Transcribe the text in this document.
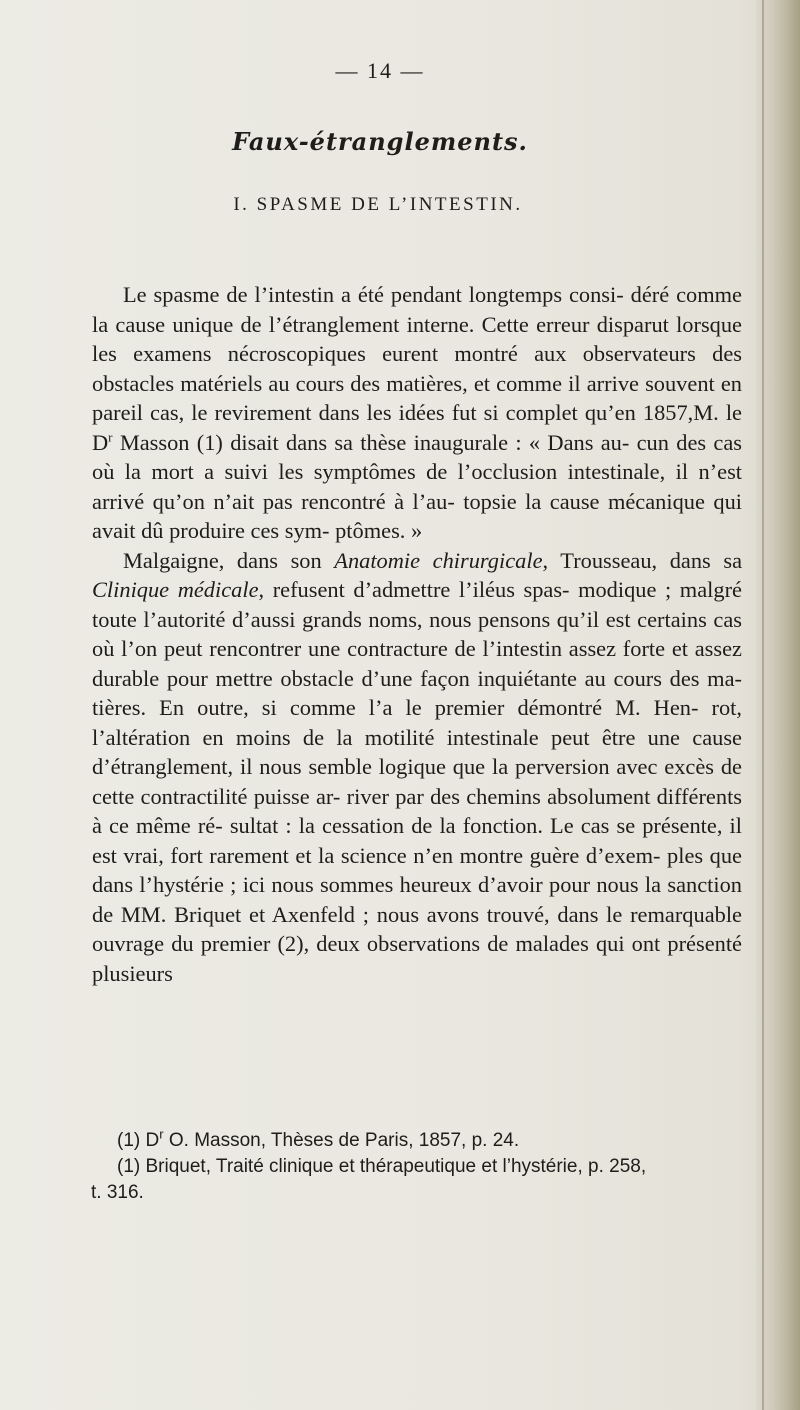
— 14 —
Faux-étranglements.
I. SPASME DE L’INTESTIN.

Le spasme de l’intestin a été pendant longtemps consi- déré comme la cause unique de l’étranglement interne. Cette erreur disparut lorsque les examens nécroscopiques eurent montré aux observateurs des obstacles matériels au cours des matières, et comme il arrive souvent en pareil cas, le revirement dans les idées fut si complet qu’en 1857,M. le $D^r$ Masson (1) disait dans sa thèse inaugurale : « Dans au- cun des cas où la mort a suivi les symptômes de l’occlusion intestinale, il n’est arrivé qu’on n’ait pas rencontré à l’au- topsie la cause mécanique qui avait dû produire ces sym- ptômes. »

Malgaigne, dans son Anatomie chirurgicale, Trousseau, dans sa Clinique médicale, refusent d’admettre l’iléus spas- modique ; malgré toute l’autorité d’aussi grands noms, nous pensons qu’il est certains cas où l’on peut rencontrer une contracture de l’intestin assez forte et assez durable pour mettre obstacle d’une façon inquiétante au cours des ma- tières. En outre, si comme l’a le premier démontré M. Hen- rot, l’altération en moins de la motilité intestinale peut être une cause d’étranglement, il nous semble logique que la perversion avec excès de cette contractilité puisse ar- river par des chemins absolument différents à ce même ré- sultat : la cessation de la fonction. Le cas se présente, il est vrai, fort rarement et la science n’en montre guère d’exem- ples que dans l’hystérie ; ici nous sommes heureux d’avoir pour nous la sanction de MM. Briquet et Axenfeld ; nous avons trouvé, dans le remarquable ouvrage du premier (2), deux observations de malades qui ont présenté plusieurs

(1) $D^r$ O. Masson, Thèses de Paris, 1857, p. 24.

(1) Briquet, Traité clinique et thérapeutique et l’hystérie, p. 258,

t. 316.
